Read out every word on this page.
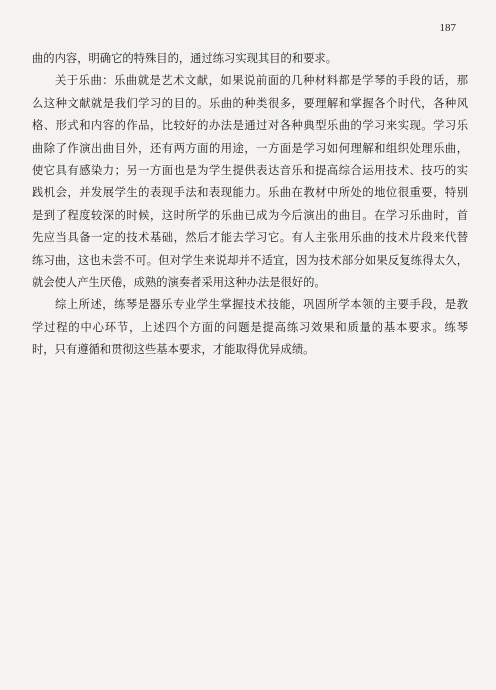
187
曲的内容，明确它的特殊目的，通过练习实现其目的和要求。
关于乐曲：乐曲就是艺术文献，如果说前面的几种材料都是学琴的手段的话，那
么这种文献就是我们学习的目的。乐曲的种类很多，要理解和掌握各个时代，各种风
格、形式和内容的作品，比较好的办法是通过对各种典型乐曲的学习来实现。学习乐
曲除了作演出曲目外，还有两方面的用途，一方面是学习如何理解和组织处理乐曲，
使它具有感染力；另一方面也是为学生提供表达音乐和提高综合运用技术、技巧的实
践机会，并发展学生的表现手法和表现能力。乐曲在教材中所处的地位很重要，特别
是到了程度较深的时候，这时所学的乐曲已成为今后演出的曲目。在学习乐曲时，首
先应当具备一定的技术基础，然后才能去学习它。有人主张用乐曲的技术片段来代替
练习曲，这也未尝不可。但对学生来说却并不适宜，因为技术部分如果反复练得太久，
就会使人产生厌倦，成熟的演奏者采用这种办法是很好的。
综上所述，练琴是器乐专业学生掌握技术技能，巩固所学本领的主要手段，是教
学过程的中心环节，上述四个方面的问题是提高练习效果和质量的基本要求。练琴
时，只有遵循和贯彻这些基本要求，才能取得优异成绩。
